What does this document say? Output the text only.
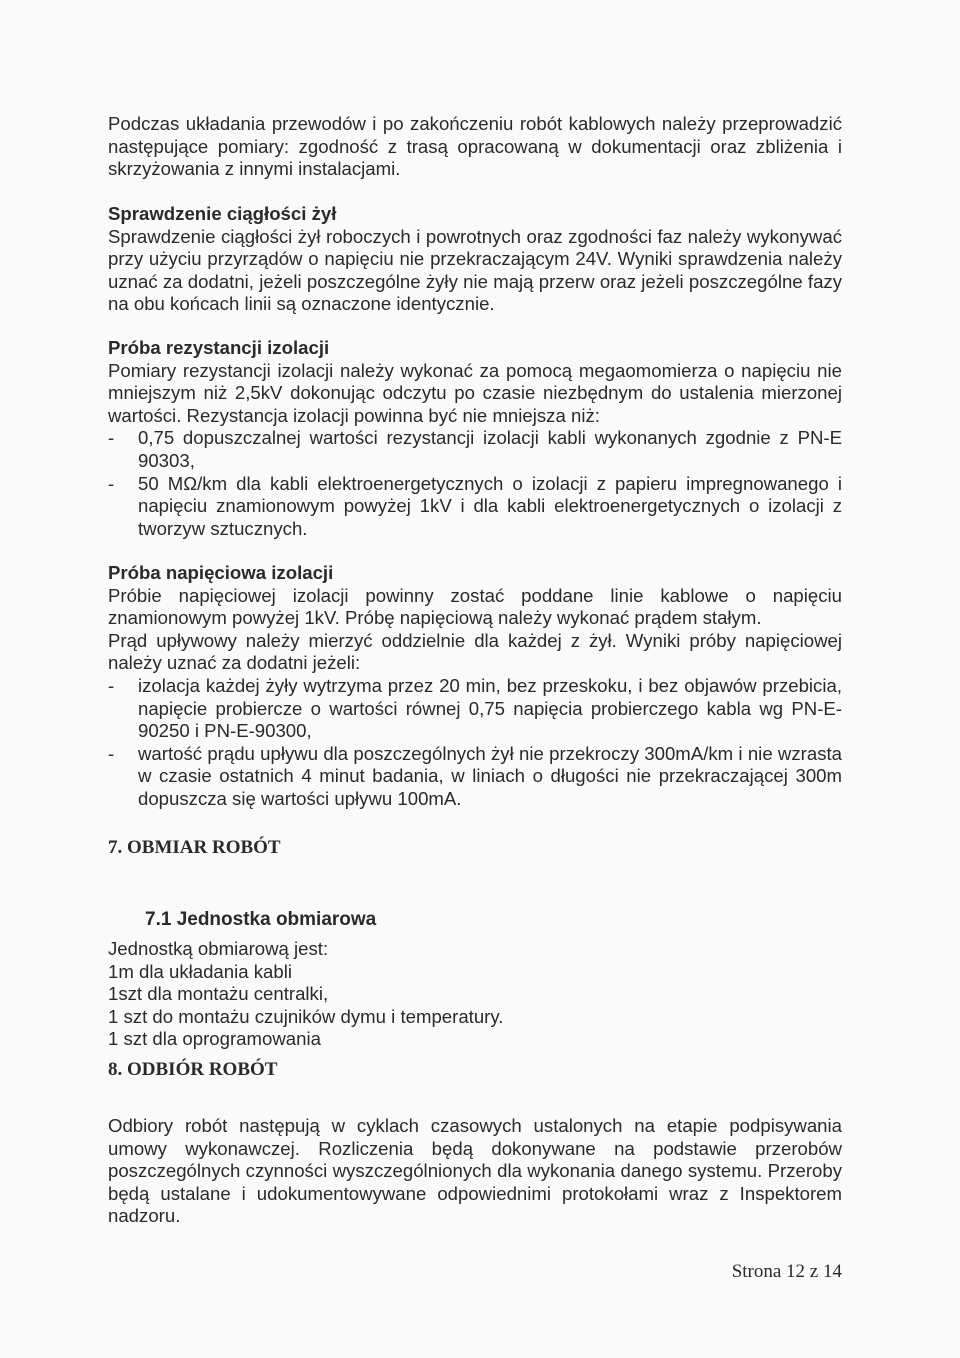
Podczas układania przewodów i po zakończeniu robót kablowych należy przeprowadzić następujące pomiary: zgodność z trasą opracowaną w dokumentacji oraz zbliżenia i skrzyżowania z innymi instalacjami.

Sprawdzenie ciągłości żył

Sprawdzenie ciągłości żył roboczych i powrotnych oraz zgodności faz należy wykonywać przy użyciu przyrządów o napięciu nie przekraczającym 24V. Wyniki sprawdzenia należy uznać za dodatni, jeżeli poszczególne żyły nie mają przerw oraz jeżeli poszczególne fazy na obu końcach linii są oznaczone identycznie.

Próba rezystancji izolacji

Pomiary rezystancji izolacji należy wykonać za pomocą megaomomierza o napięciu nie mniejszym niż 2,5kV dokonując odczytu po czasie niezbędnym do ustalenia mierzonej wartości. Rezystancja izolacji powinna być nie mniejsza niż:

-	0,75 dopuszczalnej wartości rezystancji izolacji kabli wykonanych zgodnie z PN-E 90303,
-	50 MΩ/km dla kabli elektroenergetycznych o izolacji z papieru impregnowanego i napięciu znamionowym powyżej 1kV i dla kabli elektroenergetycznych o izolacji z tworzyw sztucznych.
Próba napięciowa izolacji

Próbie napięciowej izolacji powinny zostać poddane linie kablowe o napięciu znamionowym powyżej 1kV. Próbę napięciową należy wykonać prądem stałym.

Prąd upływowy należy mierzyć oddzielnie dla każdej z żył. Wyniki próby napięciowej należy uznać za dodatni jeżeli:

-	izolacja każdej żyły wytrzyma przez 20 min, bez przeskoku, i bez objawów przebicia, napięcie probiercze o wartości równej 0,75 napięcia probierczego kabla wg PN-E-90250 i PN-E-90300,
-	wartość prądu upływu dla poszczególnych żył nie przekroczy 300mA/km i nie wzrasta w czasie ostatnich 4 minut badania, w liniach o długości nie przekraczającej 300m dopuszcza się wartości upływu 100mA.
7. OBMIAR ROBÓT
7.1 Jednostka obmiarowa

Jednostką obmiarową jest:

1m dla układania kabli

1szt dla montażu centralki,

1 szt do montażu czujników dymu i temperatury.

1 szt dla oprogramowania

8. ODBIÓR ROBÓT

Odbiory robót następują w cyklach czasowych ustalonych na etapie podpisywania umowy wykonawczej. Rozliczenia będą dokonywane na podstawie przerobów poszczególnych czynności wyszczególnionych dla wykonania danego systemu. Przeroby będą ustalane i udokumentowywane odpowiednimi protokołami wraz z Inspektorem nadzoru.

Strona 12 z 14
